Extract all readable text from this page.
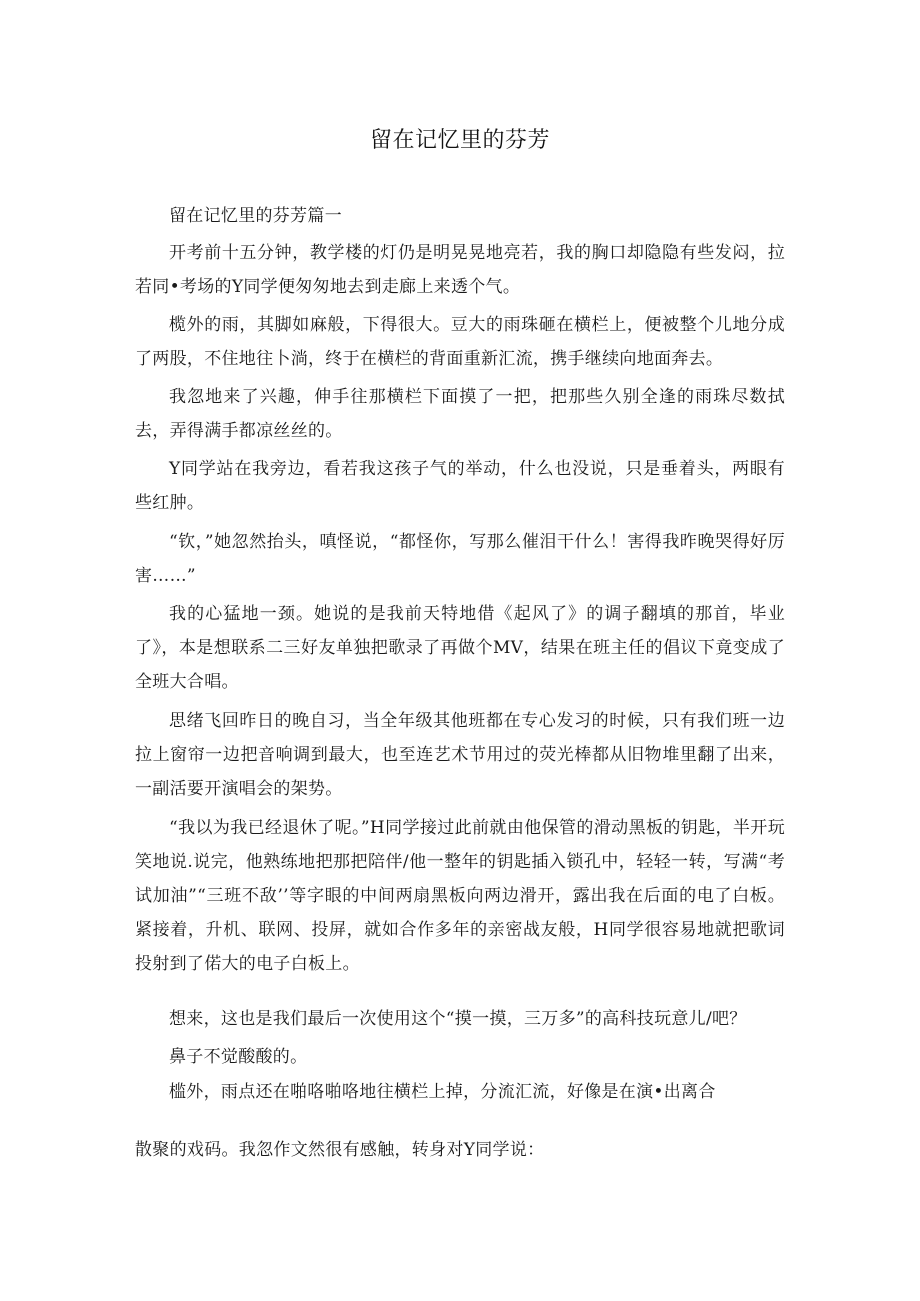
留在记忆里的芬芳

留在记忆里的芬芳篇一

开考前十五分钟，教学楼的灯仍是明晃晃地亮若，我的胸口却隐隐有些发闷，拉若同•考场的Y同学便匆匆地去到走廊上来透个气。

榄外的雨，其脚如麻般，下得很大。豆大的雨珠砸在横栏上，便被整个儿地分成了两股，不住地往卜淌，终于在横栏的背面重新汇流，携手继续向地面奔去。

我忽地来了兴趣，伸手往那横栏下面摸了一把，把那些久别全逢的雨珠尽数拭去，弄得满手都凉丝丝的。

Y同学站在我旁边，看若我这孩子气的举动，什么也没说，只是垂着头，两眼有些红肿。

“钦，”她忽然抬头，嗔怪说，“都怪你，写那么催泪干什么！害得我昨晚哭得好厉害……”

我的心猛地一颈。她说的是我前天特地借《起风了》的调子翻填的那首，毕业了》，本是想联系二三好友单独把歌录了再做个MV，结果在班主任的倡议下竟变成了全班大合唱。

思绪飞回昨日的晚自习，当全年级其他班都在专心发习的时候，只有我们班一边拉上窗帘一边把音响调到最大，也至连艺术节用过的荧光棒都从旧物堆里翻了出来，一副活要开演唱会的架势。

“我以为我已经退休了呢。”H同学接过此前就由他保管的滑动黑板的钥匙，半开玩笑地说.说完，他熟练地把那把陪伴/他一整年的钥匙插入锁孔中，轻轻一转，写满“考试加油”“三班不敌’’等字眼的中间两扇黑板向两边滑开，露出我在后面的电了白板。紧接着，升机、联网、投屏，就如合作多年的亲密战友般，H同学很容易地就把歌词投射到了偌大的电子白板上。

想来，这也是我们最后一次使用这个“摸一摸，三万多”的高科技玩意儿/吧？

鼻子不觉酸酸的。

槛外，雨点还在啪咯啪咯地往横栏上掉，分流汇流，好像是在演•出离合

散聚的戏码。我忽作文然很有感触，转身对Y同学说：
